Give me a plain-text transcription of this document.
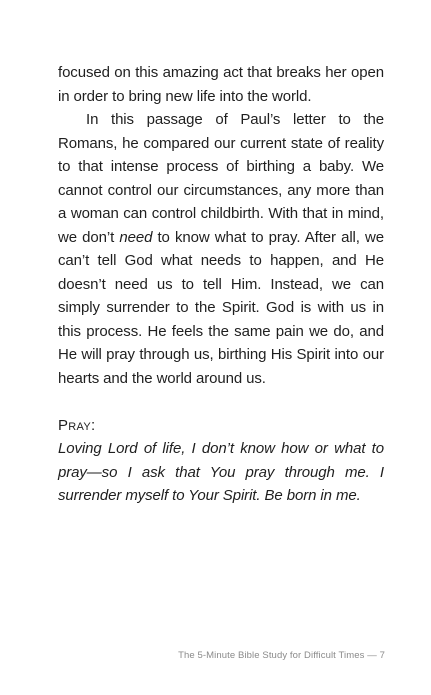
focused on this amazing act that breaks her open in order to bring new life into the world.

In this passage of Paul’s letter to the Romans, he compared our current state of reality to that intense process of birthing a baby. We cannot control our circumstances, any more than a woman can control childbirth. With that in mind, we don’t need to know what to pray. After all, we can’t tell God what needs to happen, and He doesn’t need us to tell Him. Instead, we can simply surrender to the Spirit. God is with us in this process. He feels the same pain we do, and He will pray through us, birthing His Spirit into our hearts and the world around us.

Pray:

Loving Lord of life, I don’t know how or what to pray—so I ask that You pray through me. I surrender myself to Your Spirit. Be born in me.

The 5-Minute Bible Study for Difficult Times — 7
